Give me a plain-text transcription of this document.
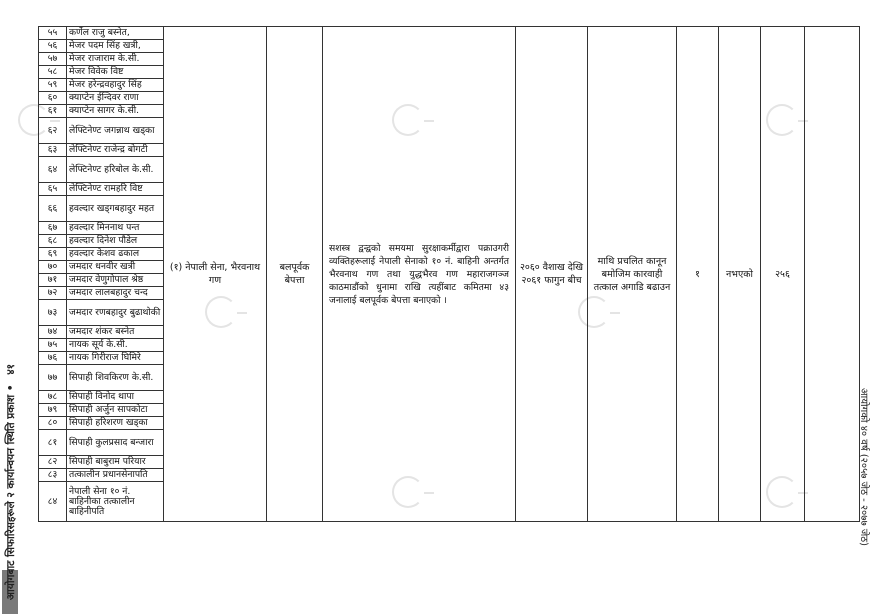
५५	कर्णेल राजु बस्नेत,	(१) नेपाली सेना, भैरवनाथ गण	बलपूर्वक बेपत्ता	सशस्त्र द्वन्द्वको समयमा सुरक्षाकर्मीद्वारा पक्राउगरी व्यक्तिहरूलाई नेपाली सेनाको १० नं. बाहिनी अन्तर्गत भैरवनाथ गण तथा युद्धभैरव गण महाराजगञ्ज काठमाडौंको धुनामा राखि त्यहींबाट कमितमा ४३ जनालाई बलपूर्वक बेपत्ता बनाएको ।	२०६० वैशाख देखि २०६१ फागुन बीच	माथि प्रचलित कानून बमोजिम कारवाही तत्काल अगाडि बढाउन	१	नभएको	२५६	
५६	मेजर पदम सिंह खत्री,									
५७	मेजर राजाराम के.सी.									
५८	मेजर विवेक विष्ट									
५९	मेजर हरेन्द्रवहादुर सिंह									
६०	क्याप्टेन ईन्दिवर राणा									
६१	क्याप्टेन सागर के.सी.									
६२	लेफ्टिनेण्ट जगन्नाथ खड्का									
६३	लेफ्टिनेण्ट राजेन्द्र बोगटी									
६४	लेफ्टिनेण्ट हरिबोल के.सी.									
६५	लेफ्टिनेण्ट रामहरि विष्ट									
६६	हवल्दार खड्गबहादुर महत									
६७	हवल्दार मिननाथ पन्त									
६८	हवल्दार दिनेश पौडेल									
६९	हवल्दार केशव ढकाल									
७०	जमदार धनवीर खत्री									
७१	जमदार वेणुगोपाल श्रेष्ठ									
७२	जमदार लालबहादुर चन्द									
७३	जमदार रणबहादुर बुढाथोकी									
७४	जमदार शंकर बस्नेत									
७५	नायक सूर्य के.सी.									
७६	नायक गिरीराज घिमिरे									
७७	सिपाही शिवकिरण के.सी.									
७८	सिपाही विनोद थापा									
७९	सिपाही अर्जुन सापकोटा									
८०	सिपाही हरिशरण खड्का									
८१	सिपाही कुलप्रसाद बन्जारा									
८२	सिपाही बाबुराम परियार									
८३	तत्कालीन प्रधानसेनापति									
८४	नेपाली सेना १० नं. बाहिनीका तत्कालीन बाहिनीपति									
आयोगबाट सिफारिसहरूले २ कार्यान्वयन स्थिति प्रकाश • ४१
आयोगको ४० वर्ष (२०५७ जेठ - २०७७ जेठ)
